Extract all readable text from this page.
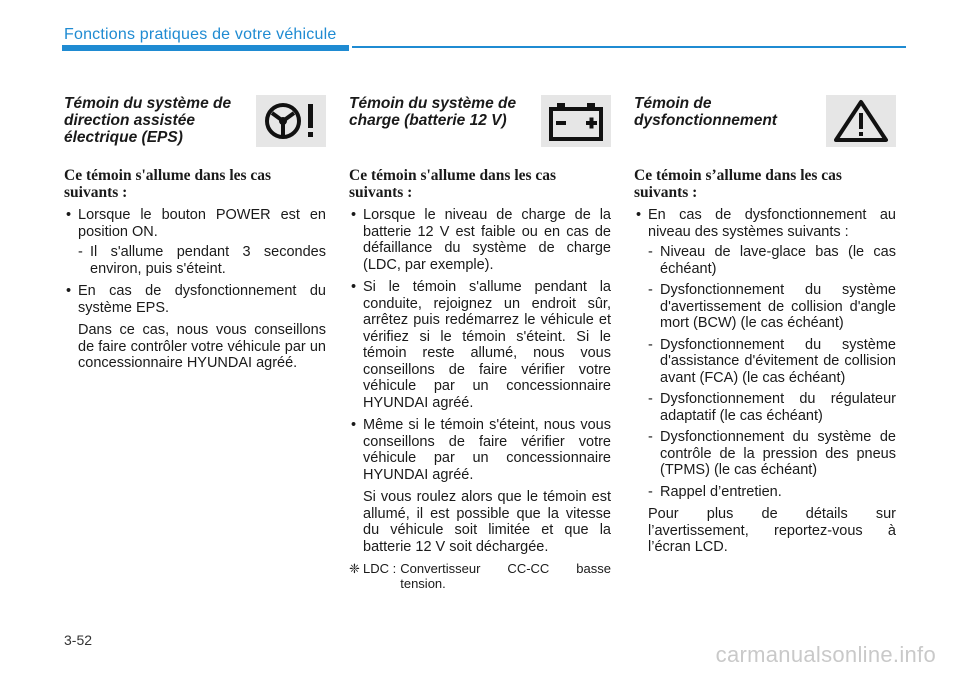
Fonctions pratiques de votre véhicule
Témoin du système de direction assistée électrique (EPS)
Ce témoin s'allume dans les cas suivants :
• Lorsque le bouton POWER est en position ON.
- Il s'allume pendant 3 secondes environ, puis s'éteint.
• En cas de dysfonctionnement du système EPS.
Dans ce cas, nous vous conseillons de faire contrôler votre véhicule par un concessionnaire HYUNDAI agréé.
Témoin du système de charge (batterie 12 V)
Ce témoin s'allume dans les cas suivants :
• Lorsque le niveau de charge de la batterie 12 V est faible ou en cas de défaillance du système de charge (LDC, par exemple).
• Si le témoin s'allume pendant la conduite, rejoignez un endroit sûr, arrêtez puis redémarrez le véhicule et vérifiez si le témoin s'éteint. Si le témoin reste allumé, nous vous conseillons de faire vérifier votre véhicule par un concessionnaire HYUNDAI agréé.
• Même si le témoin s'éteint, nous vous conseillons de faire vérifier votre véhicule par un concessionnaire HYUNDAI agréé.
Si vous roulez alors que le témoin est allumé, il est possible que la vitesse du véhicule soit limitée et que la batterie 12 V soit déchargée.
❈ LDC : Convertisseur CC-CC basse tension.
Témoin de dysfonctionnement
Ce témoin s’allume dans les cas suivants :
• En cas de dysfonctionnement au niveau des systèmes suivants :
- Niveau de lave-glace bas (le cas échéant)
- Dysfonctionnement du système d'avertissement de collision d'angle mort (BCW) (le cas échéant)
- Dysfonctionnement du système d'assistance d'évitement de collision avant (FCA) (le cas échéant)
- Dysfonctionnement du régulateur adaptatif (le cas échéant)
- Dysfonctionnement du système de contrôle de la pression des pneus (TPMS) (le cas échéant)
- Rappel d’entretien.
Pour plus de détails sur l’avertissement, reportez-vous à l’écran LCD.
3-52
carmanualsonline.info
